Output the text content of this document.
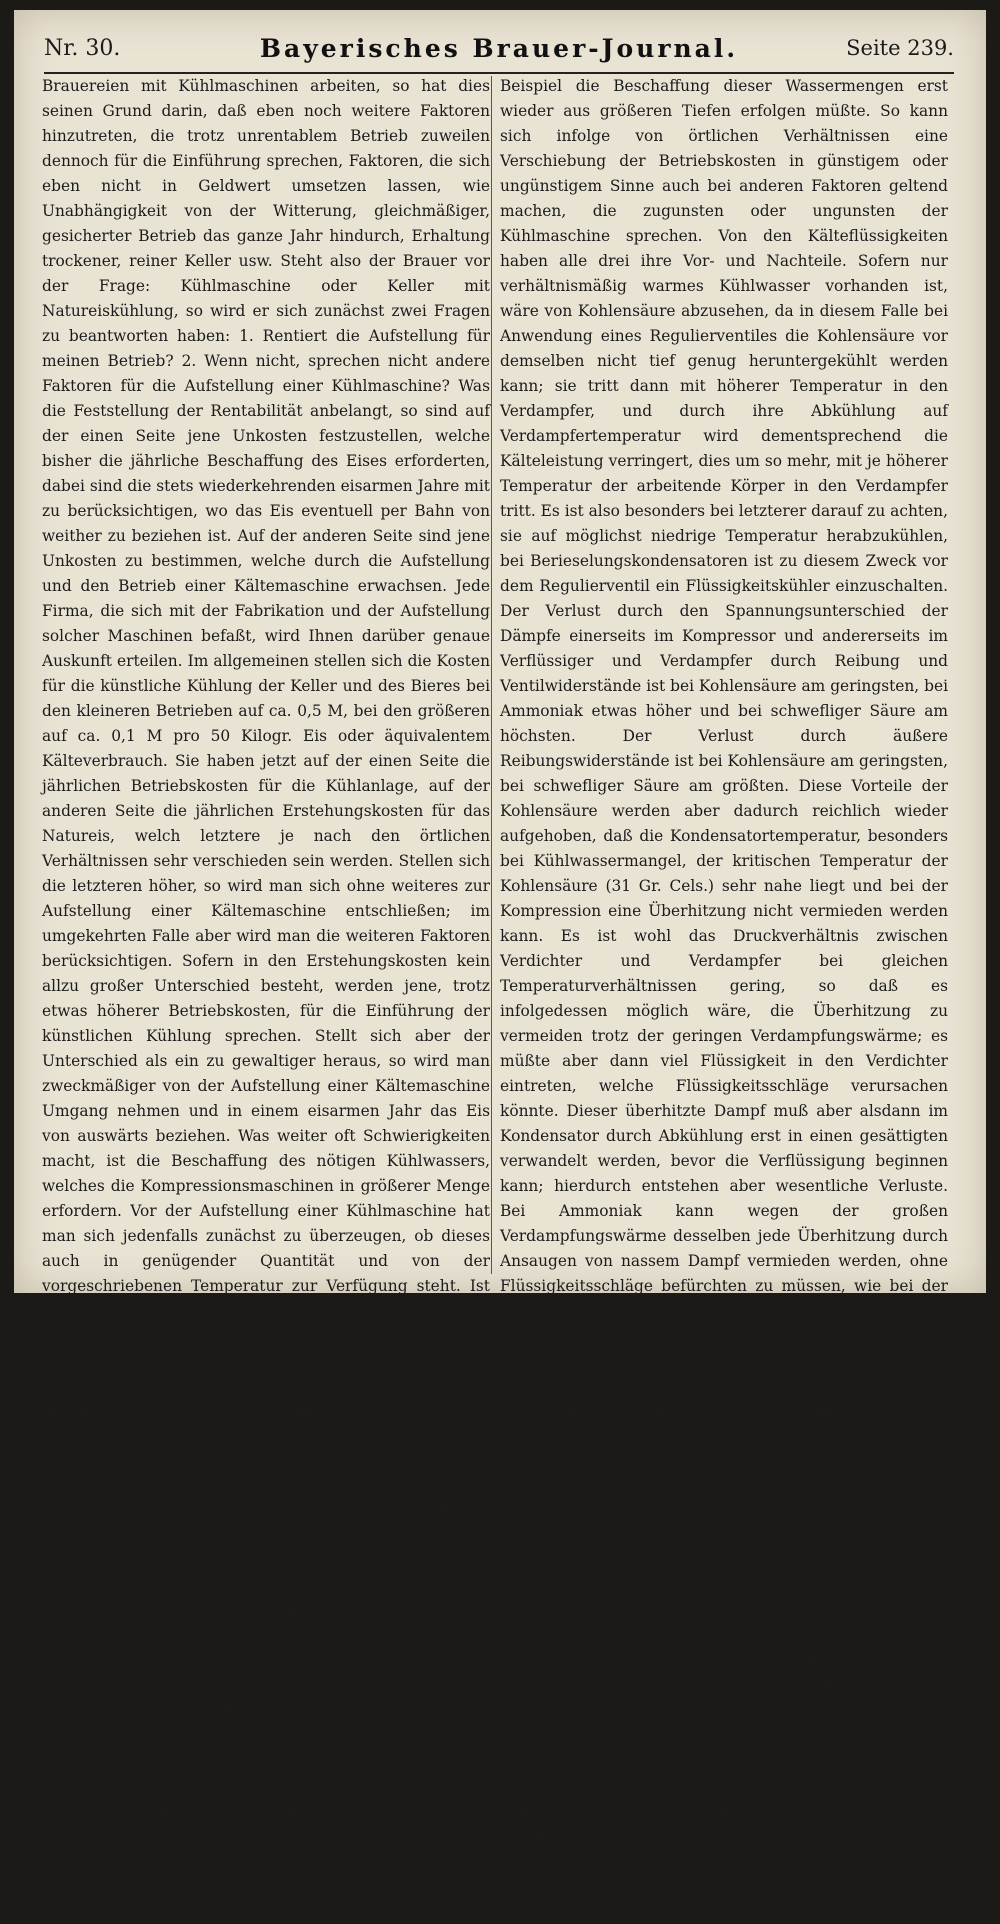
Nr. 30.	Bayerisches Brauer-Journal.	Seite 239.

Brauereien mit Kühlmaschinen arbeiten, so hat dies seinen Grund darin, daß eben noch weitere Faktoren hinzutreten, die trotz unrentablem Betrieb zuweilen dennoch für die Einführung sprechen, Faktoren, die sich eben nicht in Geldwert umsetzen lassen, wie Unabhängigkeit von der Witterung, gleichmäßiger, gesicherter Betrieb das ganze Jahr hindurch, Erhaltung trockener, reiner Keller usw. Steht also der Brauer vor der Frage: Kühlmaschine oder Keller mit Natureiskühlung, so wird er sich zunächst zwei Fragen zu beantworten haben: 1. Rentiert die Aufstellung für meinen Betrieb? 2. Wenn nicht, sprechen nicht andere Faktoren für die Aufstellung einer Kühlmaschine? Was die Feststellung der Rentabilität anbelangt, so sind auf der einen Seite jene Unkosten festzustellen, welche bisher die jährliche Beschaffung des Eises erforderten, dabei sind die stets wiederkehrenden eisarmen Jahre mit zu berücksichtigen, wo das Eis eventuell per Bahn von weither zu beziehen ist. Auf der anderen Seite sind jene Unkosten zu bestimmen, welche durch die Aufstellung und den Betrieb einer Kältemaschine erwachsen. Jede Firma, die sich mit der Fabrikation und der Aufstellung solcher Maschinen befaßt, wird Ihnen darüber genaue Auskunft erteilen. Im allgemeinen stellen sich die Kosten für die künstliche Kühlung der Keller und des Bieres bei den kleineren Betrieben auf ca. 0,5 M, bei den größeren auf ca. 0,1 M pro 50 Kilogr. Eis oder äquivalentem Kälteverbrauch. Sie haben jetzt auf der einen Seite die jährlichen Betriebskosten für die Kühlanlage, auf der anderen Seite die jährlichen Erstehungskosten für das Natureis, welch letztere je nach den örtlichen Verhältnissen sehr verschieden sein werden. Stellen sich die letzteren höher, so wird man sich ohne weiteres zur Aufstellung einer Kältemaschine entschließen; im umgekehrten Falle aber wird man die weiteren Faktoren berücksichtigen. Sofern in den Erstehungskosten kein allzu großer Unterschied besteht, werden jene, trotz etwas höherer Betriebskosten, für die Einführung der künstlichen Kühlung sprechen. Stellt sich aber der Unterschied als ein zu gewaltiger heraus, so wird man zweckmäßiger von der Aufstellung einer Kältemaschine Umgang nehmen und in einem eisarmen Jahr das Eis von auswärts beziehen. Was weiter oft Schwierigkeiten macht, ist die Beschaffung des nötigen Kühlwassers, welches die Kompressionsmaschinen in größerer Menge erfordern. Vor der Aufstellung einer Kühlmaschine hat man sich jedenfalls zunächst zu überzeugen, ob dieses auch in genügender Quantität und von der vorgeschriebenen Temperatur zur Verfügung steht. Ist dies nicht der Fall, so wird der Kühleffekt der Maschine reduziert. Die normale Temperatur des Wassers ist 10 Gr. Cels. Für eine Temperaturerhöhung um je 1 Gr. Cels. erhöht sich der Arbeitsverbrauch und Kühlwassermenge um zirka 4 Proz. Mit kälterem Kühlwasser wird natürlich auch der Effekt der Maschine ein besserer. Solches wird aber im Hochsommer in den seltensten Fällen zur Verfügung stehen. Die Menge des Kühlwassers beträgt stündlich bei einer Maschine mit 5000 Kal. stündlicher Verdampferleistung 7 Hektoliter Wasser von 10 Gr. Cels. und steigt bei einer Maschine mit 40 000 Kal. bereits auf zirka 56 Hektoliter an. Der Kraftverbrauch der Maschine wird bei geringer Wasserzufuhr infolge des höheren Kondensatordruckes sofort wesentlich erhöht und damit auch die jährlichen Betriebskosten. Wird hingegen dem Kondensator eine größere Wassermenge zugeführt als vorgeschrieben, so fällt der Kondensatordruck auf 7 Atm. und darunter fällt, so wird sich auch der Kraftverbrauch des Kompressors dementsprechend reduzieren und mit ihm die jährlichen Betriebskosten. Nur darf natürlich die Ersparnis an Arbeitskraft nicht wieder an anderer Stelle kompensiert werden, sofern zum

Beispiel die Beschaffung dieser Wassermengen erst wieder aus größeren Tiefen erfolgen müßte. So kann sich infolge von örtlichen Verhältnissen eine Verschiebung der Betriebskosten in günstigem oder ungünstigem Sinne auch bei anderen Faktoren geltend machen, die zugunsten oder ungunsten der Kühlmaschine sprechen. Von den Kälteflüssigkeiten haben alle drei ihre Vor- und Nachteile. Sofern nur verhältnismäßig warmes Kühlwasser vorhanden ist, wäre von Kohlensäure abzusehen, da in diesem Falle bei Anwendung eines Regulierventiles die Kohlensäure vor demselben nicht tief genug heruntergekühlt werden kann; sie tritt dann mit höherer Temperatur in den Verdampfer, und durch ihre Abkühlung auf Verdampfertemperatur wird dementsprechend die Kälteleistung verringert, dies um so mehr, mit je höherer Temperatur der arbeitende Körper in den Verdampfer tritt. Es ist also besonders bei letzterer darauf zu achten, sie auf möglichst niedrige Temperatur herabzukühlen, bei Berieselungskondensatoren ist zu diesem Zweck vor dem Regulierventil ein Flüssigkeitskühler einzuschalten. Der Verlust durch den Spannungsunterschied der Dämpfe einerseits im Kompressor und andererseits im Verflüssiger und Verdampfer durch Reibung und Ventilwiderstände ist bei Kohlensäure am geringsten, bei Ammoniak etwas höher und bei schwefliger Säure am höchsten. Der Verlust durch äußere Reibungswiderstände ist bei Kohlensäure am geringsten, bei schwefliger Säure am größten. Diese Vorteile der Kohlensäure werden aber dadurch reichlich wieder aufgehoben, daß die Kondensatortemperatur, besonders bei Kühlwassermangel, der kritischen Temperatur der Kohlensäure (31 Gr. Cels.) sehr nahe liegt und bei der Kompression eine Überhitzung nicht vermieden werden kann. Es ist wohl das Druckverhältnis zwischen Verdichter und Verdampfer bei gleichen Temperaturverhältnissen gering, so daß es infolgedessen möglich wäre, die Überhitzung zu vermeiden trotz der geringen Verdampfungswärme; es müßte aber dann viel Flüssigkeit in den Verdichter eintreten, welche Flüssigkeitsschläge verursachen könnte. Dieser überhitzte Dampf muß aber alsdann im Kondensator durch Abkühlung erst in einen gesättigten verwandelt werden, bevor die Verflüssigung beginnen kann; hierdurch entstehen aber wesentliche Verluste. Bei Ammoniak kann wegen der großen Verdampfungswärme desselben jede Überhitzung durch Ansaugen von nassem Dampf vermieden werden, ohne Flüssigkeitsschläge befürchten zu müssen, wie bei der Kohlensäure. Dieser nasse Dampf nimmt bei seiner Verdampfung die während der Kompression entstehende Wärme auf, so daß eine Überhitzung vermieden wird. Bei schwefliger Säure ist die Überhitzung durch Ansaugen neuer Dämpfe nicht zu verhindern, weil die Verdampfungswärme derselben zu gering ist und das Verhältnis von Verdichterdruck und Verdampferdruck sehr groß ist. Hier wird daher der Verdichterzylinder und meist auch die hohle Kolbenstange mittelst Wasser gekühlt. Die Kohlensäuremaschinen arbeiten mit sehr hohen Pressungen; es kann daher die Dichtung des Kompressorkolbens nicht mehr durch Metallringe ausgeführt werden, sondern durch Lederstulpdichtungen, die eine öftere Auswechselung erfordern. Der Verlust durch die schädlichen Räume ist bei Kohlensäure am größten, bei schwefliger Säure am kleinsten, da bei letzterer der Zylinder am größten ist, mit der Größe der Zylinder aber der schädliche Raum um so kleiner gemacht werden kann. Die Kohlensäuremaschinen sind in der Ausführung etwas einfacher, da man von einer dauernden Schmierung absehen kann. Bei den Ammoniakmaschinen hingegen ist eine ständige Schmierung erforderlich, weshalb bei ihnen eigene Ölabscheidungseinrichtungen angeordnet werden müssen.
